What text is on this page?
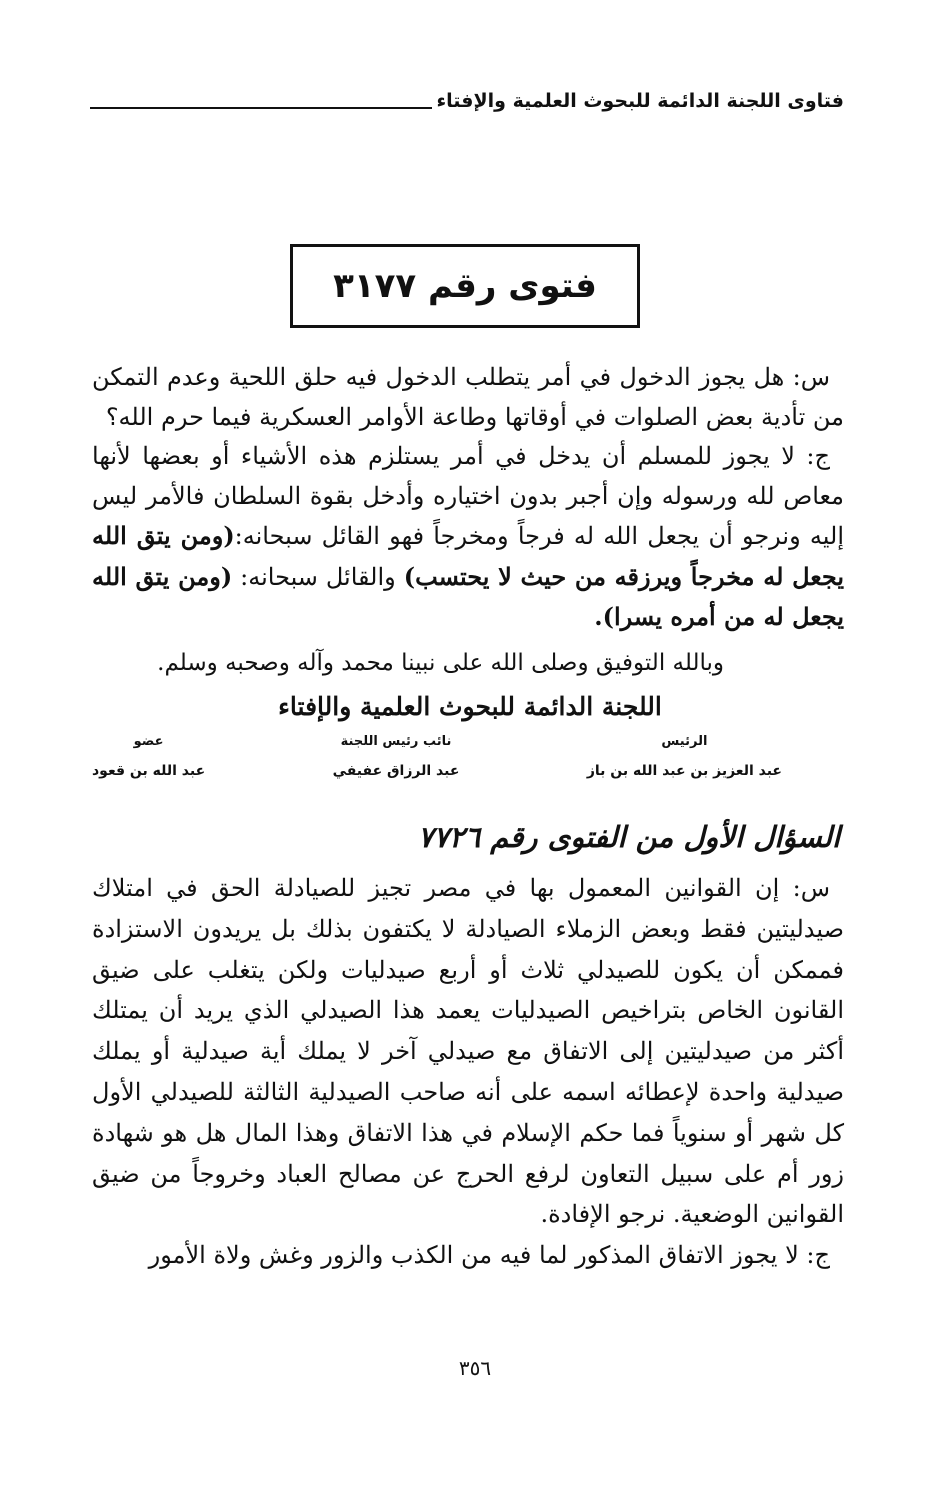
فتاوى اللجنة الدائمة للبحوث العلمية والإفتاء
فتوى رقم ٣١٧٧

س: هل يجوز الدخول في أمر يتطلب الدخول فيه حلق اللحية وعدم التمكن من تأدية بعض الصلوات في أوقاتها وطاعة الأوامر العسكرية فيما حرم الله؟

ج: لا يجوز للمسلم أن يدخل في أمر يستلزم هذه الأشياء أو بعضها لأنها معاص لله ورسوله وإن أجبر بدون اختياره وأدخل بقوة السلطان فالأمر ليس إليه ونرجو أن يجعل الله له فرجاً ومخرجاً فهو القائل سبحانه:(ومن يتق الله يجعل له مخرجاً ويرزقه من حيث لا يحتسب) والقائل سبحانه: (ومن يتق الله يجعل له من أمره يسرا).

وبالله التوفيق وصلى الله على نبينا محمد وآله وصحبه وسلم.
اللجنة الدائمة للبحوث العلمية والإفتاء
الرئيس
عبد العزيز بن عبد الله بن باز
نائب رئيس اللجنة
عبد الرزاق عفيفي
عضو
عبد الله بن قعود
السؤال الأول من الفتوى رقم ٧٧٢٦

س: إن القوانين المعمول بها في مصر تجيز للصيادلة الحق في امتلاك صيدليتين فقط وبعض الزملاء الصيادلة لا يكتفون بذلك بل يريدون الاستزادة فممكن أن يكون للصيدلي ثلاث أو أربع صيدليات ولكن يتغلب على ضيق القانون الخاص بتراخيص الصيدليات يعمد هذا الصيدلي الذي يريد أن يمتلك أكثر من صيدليتين إلى الاتفاق مع صيدلي آخر لا يملك أية صيدلية أو يملك صيدلية واحدة لإعطائه اسمه على أنه صاحب الصيدلية الثالثة للصيدلي الأول كل شهر أو سنوياً فما حكم الإسلام في هذا الاتفاق وهذا المال هل هو شهادة زور أم على سبيل التعاون لرفع الحرج عن مصالح العباد وخروجاً من ضيق القوانين الوضعية. نرجو الإفادة.

ج: لا يجوز الاتفاق المذكور لما فيه من الكذب والزور وغش ولاة الأمور

٣٥٦
